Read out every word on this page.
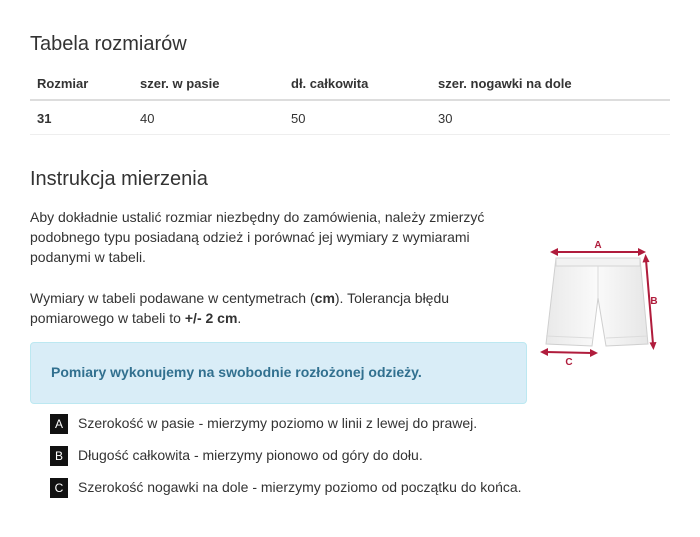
Tabela rozmiarów
Rozmiar	szer. w pasie	dł. całkowita	szer. nogawki na dole
31	40	50	30
Instrukcja mierzenia

Aby dokładnie ustalić rozmiar niezbędny do zamówienia, należy zmierzyć podobnego typu posiadaną odzież i porównać jej wymiary z wymiarami podanymi w tabeli.

Wymiary w tabeli podawane w centymetrach (cm). Tolerancja błędu pomiarowego w tabeli to +/- 2 cm.

Pomiary wykonujemy na swobodnie rozłożonej odzieży.
A	Szerokość w pasie - mierzymy poziomo w linii z lewej do prawej.
B	Długość całkowita - mierzymy pionowo od góry do dołu.
C	Szerokość nogawki na dole - mierzymy poziomo od początku do końca.
A
B
C
